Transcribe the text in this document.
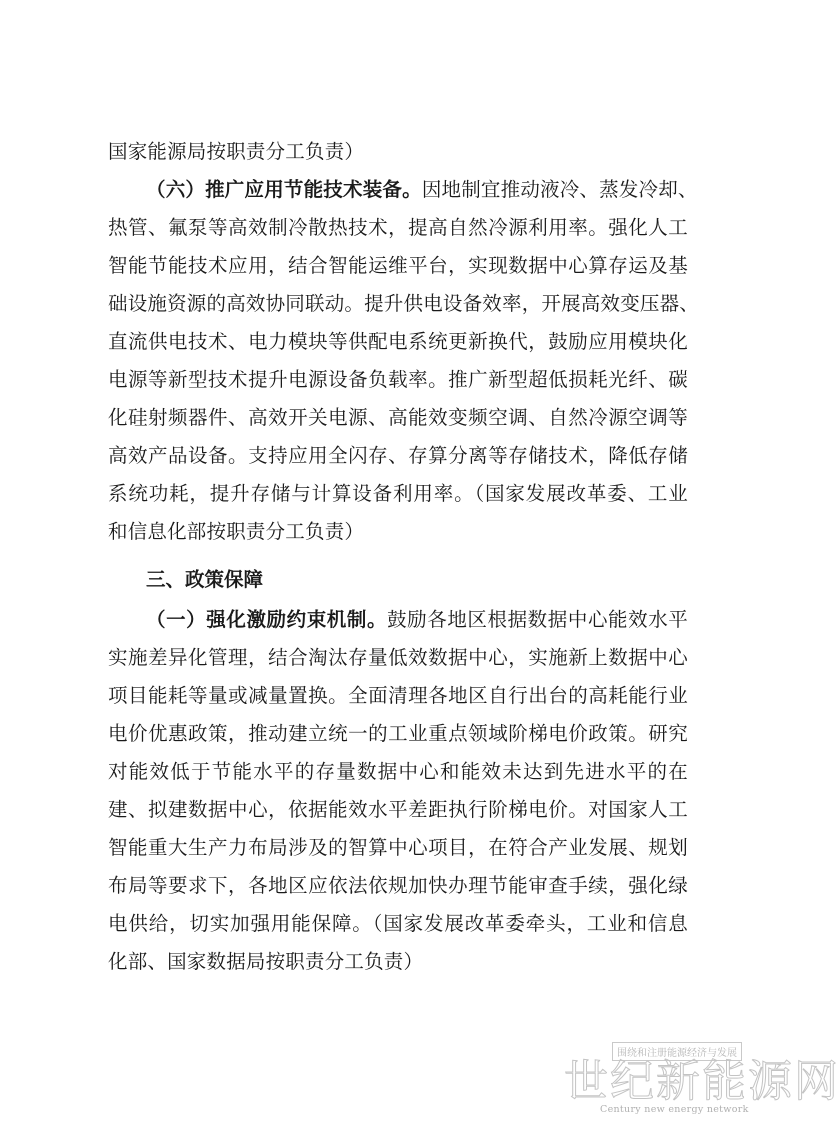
国家能源局按职责分工负责）
（六）推广应用节能技术装备。因地制宜推动液冷、蒸发冷却、
热管、氟泵等高效制冷散热技术，提高自然冷源利用率。强化人工
智能节能技术应用，结合智能运维平台，实现数据中心算存运及基
础设施资源的高效协同联动。提升供电设备效率，开展高效变压器、
直流供电技术、电力模块等供配电系统更新换代，鼓励应用模块化
电源等新型技术提升电源设备负载率。推广新型超低损耗光纤、碳
化硅射频器件、高效开关电源、高能效变频空调、自然冷源空调等
高效产品设备。支持应用全闪存、存算分离等存储技术，降低存储
系统功耗，提升存储与计算设备利用率。（国家发展改革委、工业
和信息化部按职责分工负责）
三、政策保障
（一）强化激励约束机制。鼓励各地区根据数据中心能效水平
实施差异化管理，结合淘汰存量低效数据中心，实施新上数据中心
项目能耗等量或减量置换。全面清理各地区自行出台的高耗能行业
电价优惠政策，推动建立统一的工业重点领域阶梯电价政策。研究
对能效低于节能水平的存量数据中心和能效未达到先进水平的在
建、拟建数据中心，依据能效水平差距执行阶梯电价。对国家人工
智能重大生产力布局涉及的智算中心项目，在符合产业发展、规划
布局等要求下，各地区应依法依规加快办理节能审查手续，强化绿
电供给，切实加强用能保障。（国家发展改革委牵头，工业和信息
化部、国家数据局按职责分工负责）
围绕和注册能源经济与发展
世纪新能源网
Century new energy network
